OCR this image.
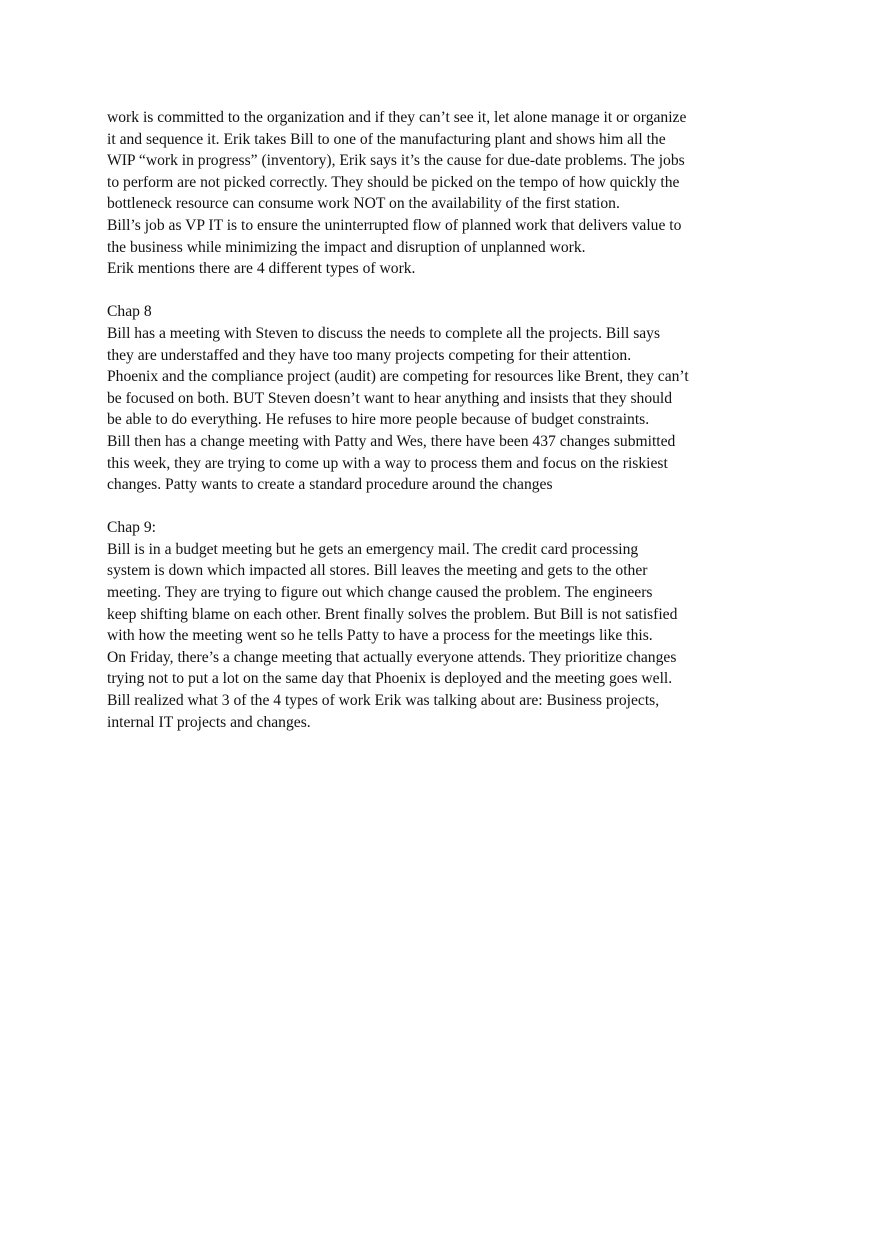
work is committed to the organization and if they can’t see it, let alone manage it or organize

it and sequence it. Erik takes Bill to one of the manufacturing plant and shows him all the

WIP “work in progress” (inventory), Erik says it’s the cause for due-date problems. The jobs

to perform are not picked correctly. They should be picked on the tempo of how quickly the

bottleneck resource can consume work NOT on the availability of the first station.

Bill’s job as VP IT is to ensure the uninterrupted flow of planned work that delivers value to

the business while minimizing the impact and disruption of unplanned work.

Erik mentions there are 4 different types of work.

Chap 8

Bill has a meeting with Steven to discuss the needs to complete all the projects. Bill says

they are understaffed and they have too many projects competing for their attention.

Phoenix and the compliance project (audit) are competing for resources like Brent, they can’t

be focused on both. BUT Steven doesn’t want to hear anything and insists that they should

be able to do everything. He refuses to hire more people because of budget constraints.

Bill then has a change meeting with Patty and Wes, there have been 437 changes submitted

this week, they are trying to come up with a way to process them and focus on the riskiest

changes. Patty wants to create a standard procedure around the changes

Chap 9:

Bill is in a budget meeting but he gets an emergency mail. The credit card processing

system is down which impacted all stores. Bill leaves the meeting and gets to the other

meeting. They are trying to figure out which change caused the problem. The engineers

keep shifting blame on each other. Brent finally solves the problem. But Bill is not satisfied

with how the meeting went so he tells Patty to have a process for the meetings like this.

On Friday, there’s a change meeting that actually everyone attends. They prioritize changes

trying not to put a lot on the same day that Phoenix is deployed and the meeting goes well.

Bill realized what 3 of the 4 types of work Erik was talking about are: Business projects,

internal IT projects and changes.
